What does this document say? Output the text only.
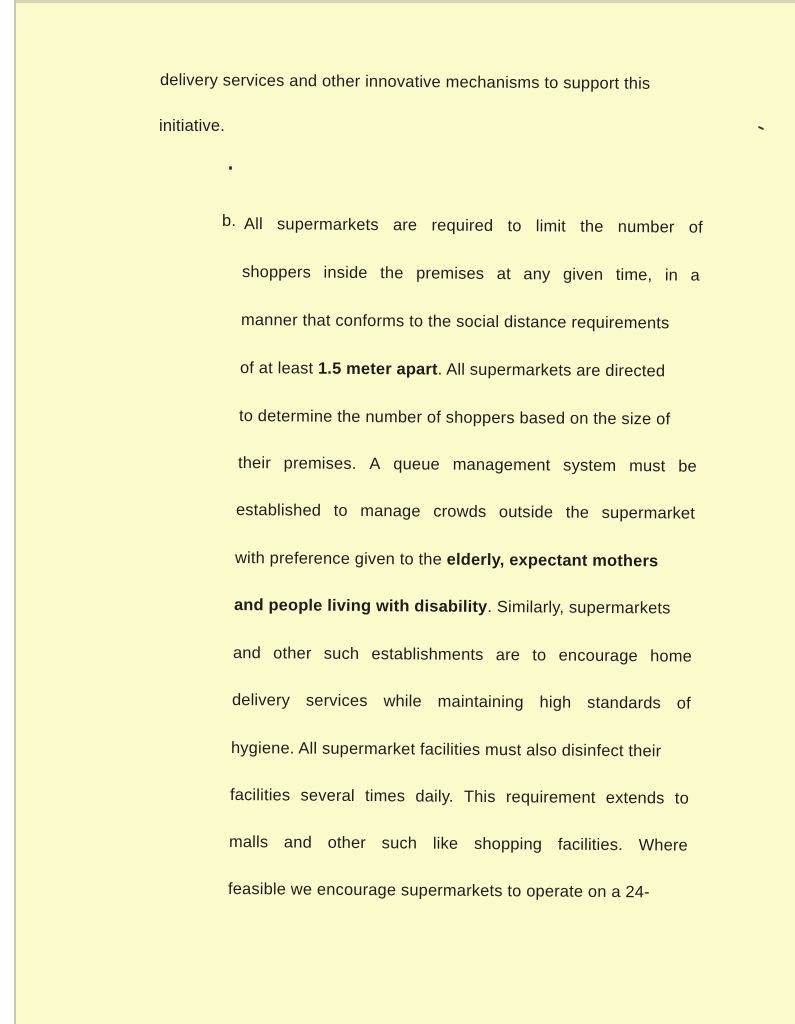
delivery services and other innovative mechanisms to support this
initiative.
b. All supermarkets are required to limit the number of
shoppers inside the premises at any given time, in a
manner that conforms to the social distance requirements
of at least 1.5 meter apart. All supermarkets are directed
to determine the number of shoppers based on the size of
their premises. A queue management system must be
established to manage crowds outside the supermarket
with preference given to the elderly, expectant mothers
and people living with disability. Similarly, supermarkets
and other such establishments are to encourage home
delivery services while maintaining high standards of
hygiene. All supermarket facilities must also disinfect their
facilities several times daily. This requirement extends to
malls and other such like shopping facilities. Where
feasible we encourage supermarkets to operate on a 24-
